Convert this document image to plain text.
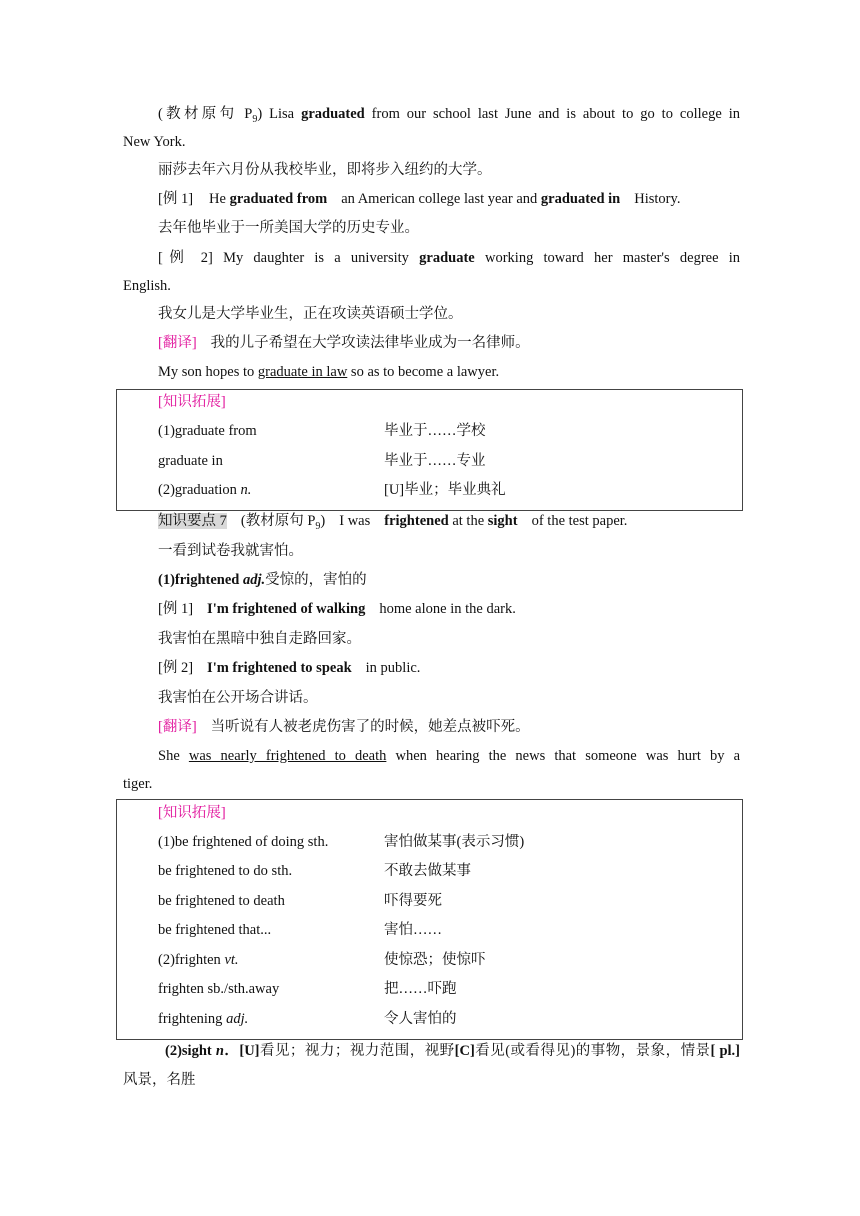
(教材原句 $P_9$) Lisa graduated from our school last June and is about to go to college in
New York.
丽莎去年六月份从我校毕业，即将步入纽约的大学。
[例 1] He graduated from an American college last year and graduated in History.
去年他毕业于一所美国大学的历史专业。
[例 2] My daughter is a university graduate working toward her master's degree in
English.
我女儿是大学毕业生，正在攻读英语硕士学位。
[翻译] 我的儿子希望在大学攻读法律毕业成为一名律师。
My son hopes to graduate in law so as to become a lawyer.
[知识拓展]
(1)graduate from	毕业于……学校
graduate in	毕业于……专业
(2)graduation n.	[U]毕业；毕业典礼
知识要点 7 (教材原句 $P_9$) I was frightened at the sight of the test paper.
一看到试卷我就害怕。
(1)frightened adj.受惊的，害怕的
[例 1] I'm frightened of walking home alone in the dark.
我害怕在黑暗中独自走路回家。
[例 2] I'm frightened to speak in public.
我害怕在公开场合讲话。
[翻译] 当听说有人被老虎伤害了的时候，她差点被吓死。
She was nearly frightened to death when hearing the news that someone was hurt by a
tiger.
[知识拓展]
(1)be frightened of doing sth.	害怕做某事(表示习惯)
be frightened to do sth.	不敢去做某事
be frightened to death	吓得要死
be frightened that...	害怕……
(2)frighten vt.	使惊恐；使惊吓
frighten sb./sth.away	把……吓跑
frightening adj.	令人害怕的
(2)sight n．[U]看见；视力；视力范围，视野[C]看见(或看得见)的事物，景象，情景[ pl.]
风景，名胜
